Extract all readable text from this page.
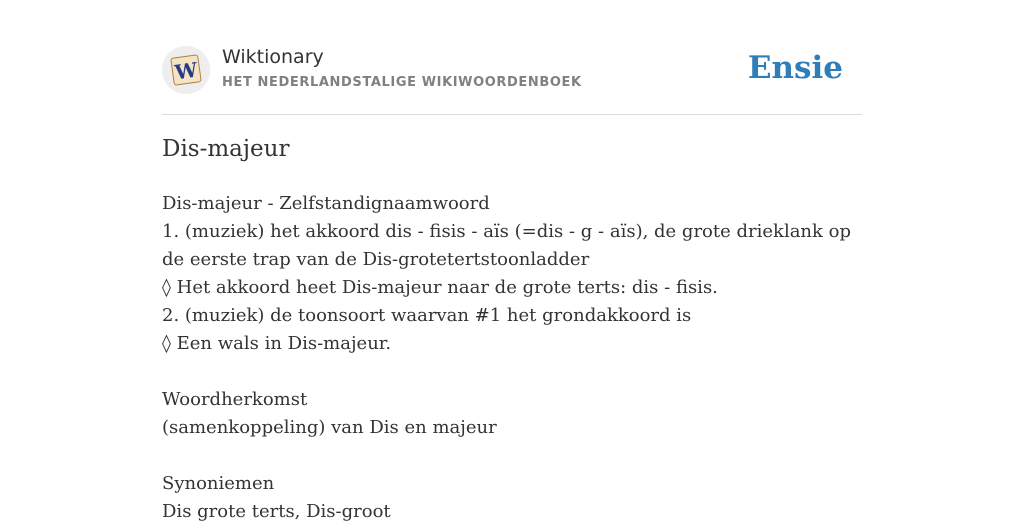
W
Wiktionary
HET NEDERLANDSTALIGE WIKIWOORDENBOEK	Ensie
Dis-majeur
Dis-majeur - Zelfstandignaamwoord
1. (muziek) het akkoord dis - fisis - aïs (=dis - g - aïs), de grote drieklank op de eerste trap van de Dis-grotetertstoonladder
◊ Het akkoord heet Dis-majeur naar de grote terts: dis - fisis.
2. (muziek) de toonsoort waarvan #1 het grondakkoord is
◊ Een wals in Dis-majeur.
Woordherkomst
(samenkoppeling) van Dis en majeur
Synoniemen
Dis grote terts, Dis-groot
